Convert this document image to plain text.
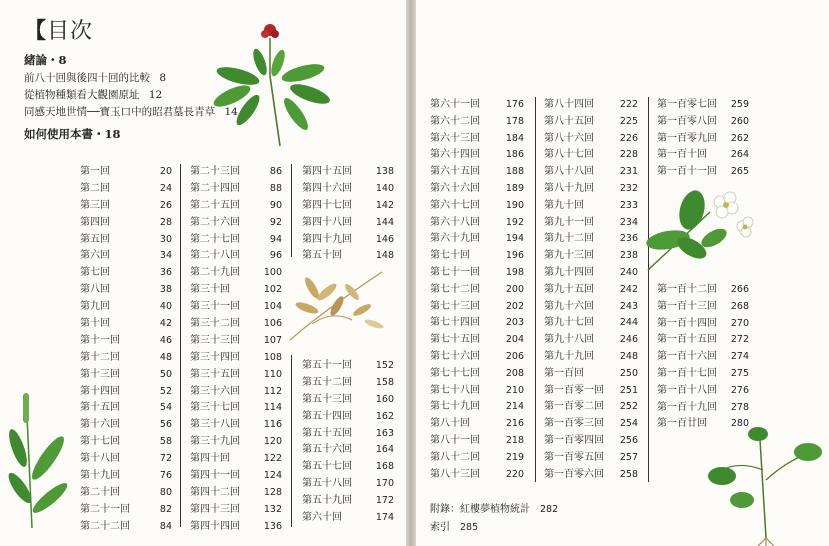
【目次
緒論・8
前八十回與後四十回的比較 8
從植物種類看大觀園原址 12
同感天地世情──寶玉口中的昭君墓長青草 14
如何使用本書・18
第一回	20
第二回	24
第三回	26
第四回	28
第五回	30
第六回	34
第七回	36
第八回	38
第九回	40
第十回	42
第十一回	46
第十二回	48
第十三回	50
第十四回	52
第十五回	54
第十六回	56
第十七回	58
第十八回	72
第十九回	76
第二十回	80
第二十一回	82
第二十二回	84
第二十三回	86
第二十四回	88
第二十五回	90
第二十六回	92
第二十七回	94
第二十八回	96
第二十九回	100
第三十回	102
第三十一回	104
第三十二回	106
第三十三回	107
第三十四回	108
第三十五回	110
第三十六回	112
第三十七回	114
第三十八回	116
第三十九回	120
第四十回	122
第四十一回	124
第四十二回	128
第四十三回	132
第四十四回	136
第四十五回	138
第四十六回	140
第四十七回	142
第四十八回	144
第四十九回	146
第五十回	148
第五十一回	152
第五十二回	158
第五十三回	160
第五十四回	162
第五十五回	163
第五十六回	164
第五十七回	168
第五十八回	170
第五十九回	172
第六十回	174
第六十一回	176
第六十二回	178
第六十三回	184
第六十四回	186
第六十五回	188
第六十六回	189
第六十七回	190
第六十八回	192
第六十九回	194
第七十回	196
第七十一回	198
第七十二回	200
第七十三回	202
第七十四回	203
第七十五回	204
第七十六回	206
第七十七回	208
第七十八回	210
第七十九回	214
第八十回	216
第八十一回	218
第八十二回	219
第八十三回	220
第八十四回	222
第八十五回	225
第八十六回	226
第八十七回	228
第八十八回	231
第八十九回	232
第九十回	233
第九十一回	234
第九十二回	236
第九十三回	238
第九十四回	240
第九十五回	242
第九十六回	243
第九十七回	244
第九十八回	246
第九十九回	248
第一百回	250
第一百零一回 251
第一百零二回 252
第一百零三回 254
第一百零四回 256
第一百零五回 257
第一百零六回 258
第一百零七回 259
第一百零八回 260
第一百零九回 262
第一百十回	264
第一百十一回 265
第一百十二回 266
第一百十三回 268
第一百十四回 270
第一百十五回 272
第一百十六回 274
第一百十七回 275
第一百十八回 276
第一百十九回 278
第一百廿回	280
附錄：紅樓夢植物統計 282
索引 285
